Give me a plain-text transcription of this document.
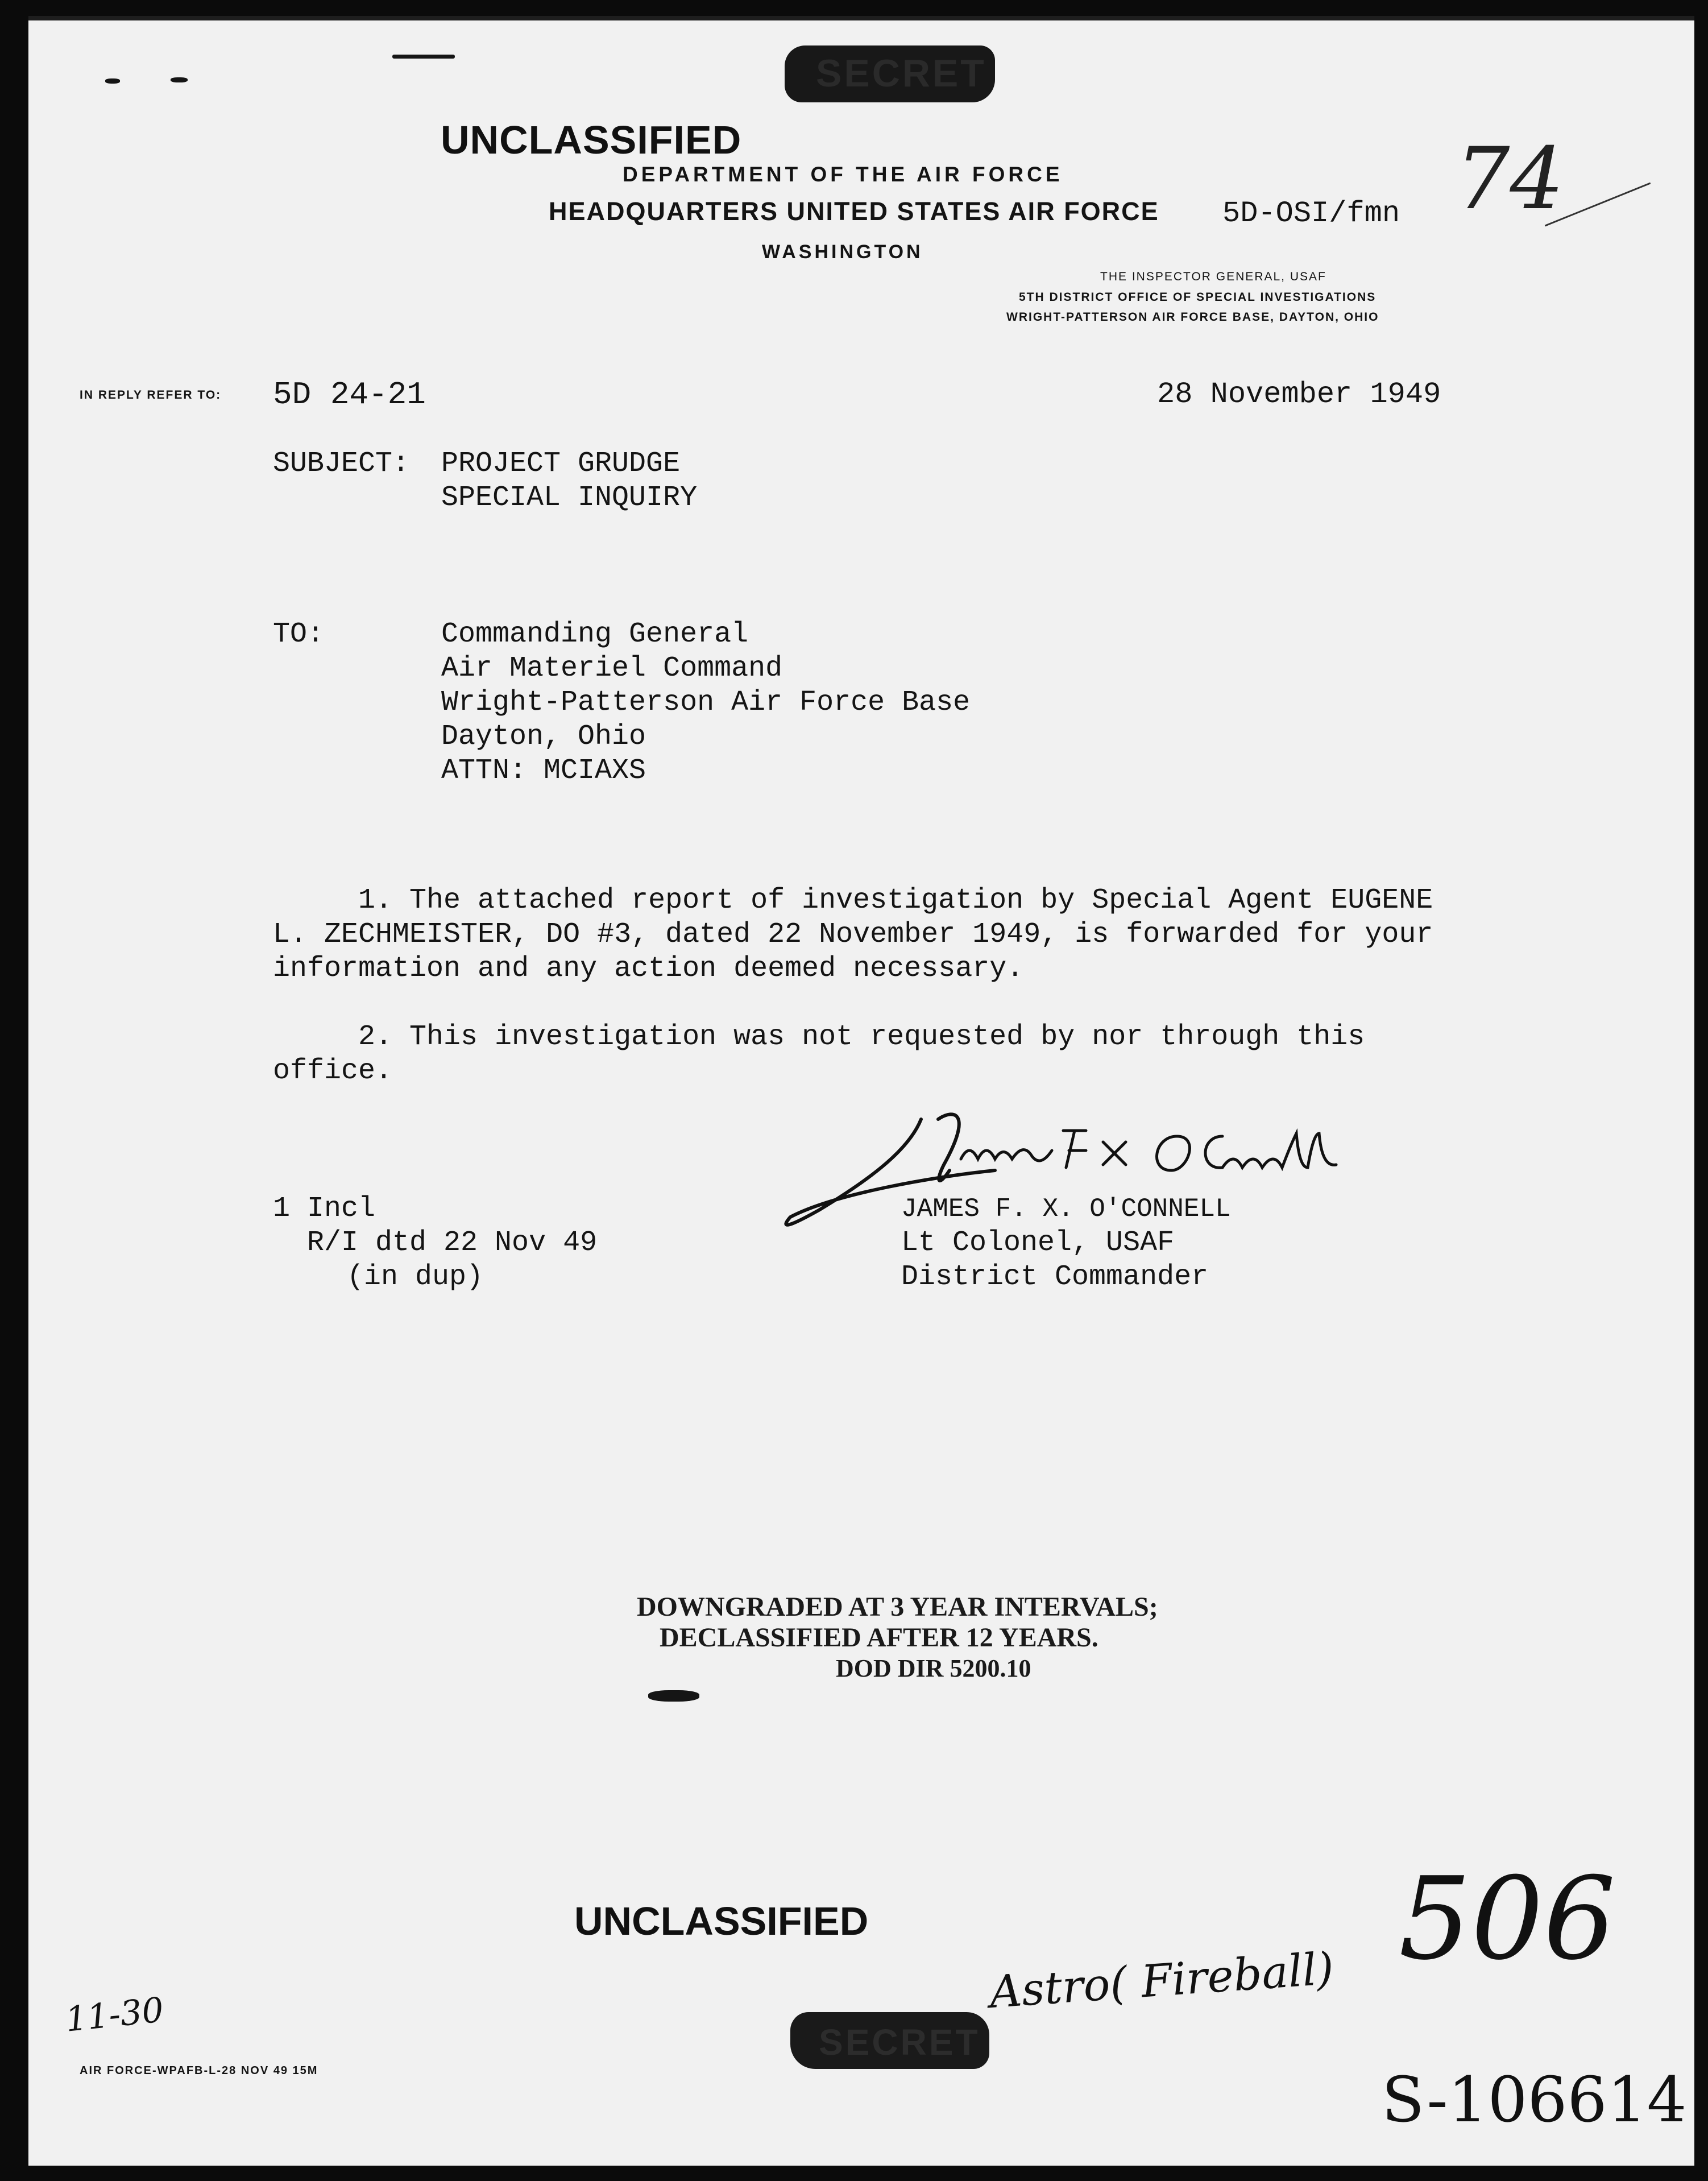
SECRET
UNCLASSIFIED
DEPARTMENT OF THE AIR FORCE
HEADQUARTERS UNITED STATES AIR FORCE
WASHINGTON
5D-OSI/fmn
THE INSPECTOR GENERAL, USAF
5TH DISTRICT OFFICE OF SPECIAL INVESTIGATIONS
WRIGHT-PATTERSON AIR FORCE BASE, DAYTON, OHIO
74
IN REPLY REFER TO: 5D 24-21	28 November 1949
SUBJECT: PROJECT GRUDGE
SPECIAL INQUIRY
TO:	Commanding General
Air Materiel Command
Wright-Patterson Air Force Base
Dayton, Ohio
ATTN: MCIAXS

1. The attached report of investigation by Special Agent EUGENE L. ZECHMEISTER, DO #3, dated 22 November 1949, is forwarded for your information and any action deemed necessary.

2. This investigation was not requested by nor through this office.

JAMES F. X. O'CONNELL
Lt Colonel, USAF
District Commander
1 Incl
R/I dtd 22 Nov 49
(in dup)
DOWNGRADED AT 3 YEAR INTERVALS;
DECLASSIFIED AFTER 12 YEARS.
DOD DIR 5200.10
UNCLASSIFIED
Astro( Fireball) 506
11-30
S-106614
SECRET
AIR FORCE-WPAFB-L-28 NOV 49 15M
